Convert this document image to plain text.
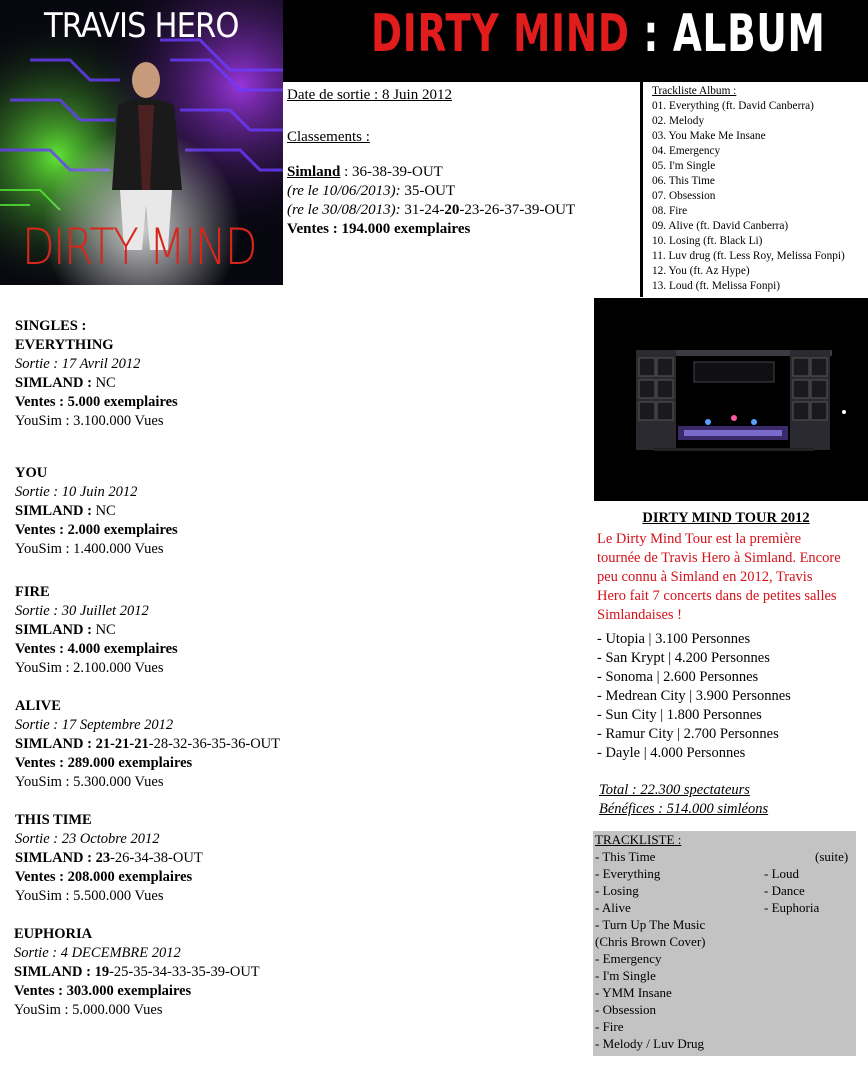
DIRTY MIND : ALBUM
TRAVIS HERO
DIRTY MIND
Date de sortie : 8 Juin 2012
Classements :
Simland : 36-38-39-OUT
(re le 10/06/2013): 35-OUT
(re le 30/08/2013): 31-24-20-23-26-37-39-OUT
Ventes : 194.000 exemplaires
Trackliste Album :
01. Everything (ft. David Canberra)
02. Melody
03. You Make Me Insane
04. Emergency
05. I'm Single
06. This Time
07. Obsession
08. Fire
09. Alive (ft. David Canberra)
10. Losing (ft. Black Li)
11. Luv drug (ft. Less Roy, Melissa Fonpi)
12. You (ft. Az Hype)
13. Loud (ft. Melissa Fonpi)
SINGLES :
EVERYTHING
Sortie : 17 Avril 2012
SIMLAND : NC
Ventes : 5.000 exemplaires
YouSim : 3.100.000 Vues
YOU
Sortie : 10 Juin 2012
SIMLAND : NC
Ventes : 2.000 exemplaires
YouSim : 1.400.000 Vues
FIRE
Sortie : 30 Juillet 2012
SIMLAND : NC
Ventes : 4.000 exemplaires
YouSim : 2.100.000 Vues
ALIVE
Sortie : 17 Septembre 2012
SIMLAND : 21-21-21-28-32-36-35-36-OUT
Ventes : 289.000 exemplaires
YouSim : 5.300.000 Vues
THIS TIME
Sortie : 23 Octobre 2012
SIMLAND : 23-26-34-38-OUT
Ventes : 208.000 exemplaires
YouSim : 5.500.000 Vues
EUPHORIA
Sortie : 4 DECEMBRE 2012
SIMLAND : 19-25-35-34-33-35-39-OUT
Ventes : 303.000 exemplaires
YouSim : 5.000.000 Vues
DIRTY MIND TOUR 2012
Le Dirty Mind Tour est la première
tournée de Travis Hero à Simland. Encore
peu connu à Simland en 2012, Travis
Hero fait 7 concerts dans de petites salles
Simlandaises !
- Utopia | 3.100 Personnes
- San Krypt | 4.200 Personnes
- Sonoma | 2.600 Personnes
- Medrean City | 3.900 Personnes
- Sun City | 1.800 Personnes
- Ramur City | 2.700 Personnes
- Dayle | 4.000 Personnes
Total : 22.300 spectateurs
Bénéfices : 514.000 simléons
TRACKLISTE :
(suite)
- This Time
- Everything
- Losing
- Alive
- Turn Up The Music
(Chris Brown Cover)
- Emergency
- I'm Single
- YMM Insane
- Obsession
- Fire
- Melody / Luv Drug
- Loud
- Dance
- Euphoria
